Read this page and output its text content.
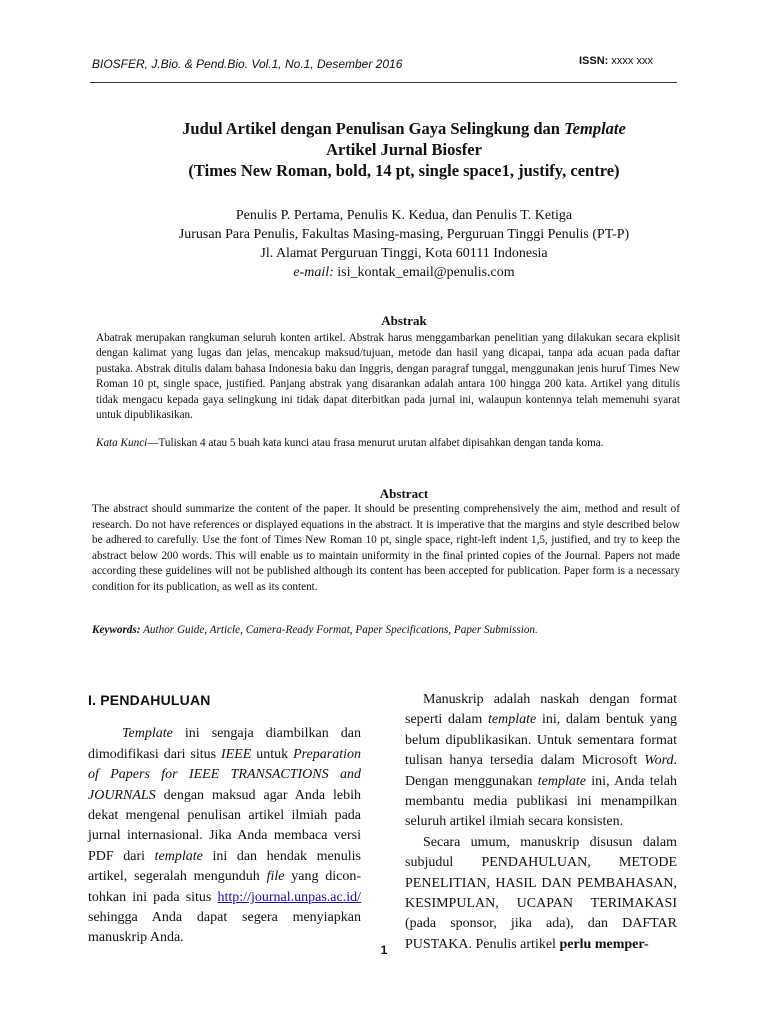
BIOSFER, J.Bio. & Pend.Bio. Vol.1, No.1, Desember 2016	ISSN: xxxx xxx
Judul Artikel dengan Penulisan Gaya Selingkung dan Template
Artikel Jurnal Biosfer
(Times New Roman, bold, 14 pt, single space1, justify, centre)
Penulis P. Pertama, Penulis K. Kedua, dan Penulis T. Ketiga
Jurusan Para Penulis, Fakultas Masing-masing, Perguruan Tinggi Penulis (PT-P)
Jl. Alamat Perguruan Tinggi, Kota 60111 Indonesia
e-mail: isi_kontak_email@penulis.com
Abstrak
Abatrak merupakan rangkuman seluruh konten artikel. Abstrak harus menggambarkan penelitian yang dilakukan secara ekplisit dengan kalimat yang lugas dan jelas, mencakup maksud/tujuan, metode dan hasil yang dicapai, tanpa ada acuan pada daftar pustaka. Abstrak ditulis dalam bahasa Indonesia baku dan Inggris, dengan paragraf tunggal, menggunakan jenis huruf Times New Roman 10 pt, single space, justified. Panjang abstrak yang disarankan adalah antara 100 hingga 200 kata. Artikel yang ditulis tidak mengacu kepada gaya selingkung ini tidak dapat diterbitkan pada jurnal ini, walaupun kontennya telah memenuhi syarat untuk dipublikasikan.
Kata Kunci—Tuliskan 4 atau 5 buah kata kunci atau frasa menurut urutan alfabet dipisahkan dengan tanda koma.
Abstract
The abstract should summarize the content of the paper. It should be presenting comprehensively the aim, method and result of research. Do not have references or displayed equations in the abstract. It is imperative that the margins and style described below be adhered to carefully. Use the font of Times New Roman 10 pt, single space, right-left indent 1,5, justified, and try to keep the abstract below 200 words. This will enable us to maintain uniformity in the final printed copies of the Journal. Papers not made according these guidelines will not be published although its content has been accepted for publication. Paper form is a necessary condition for its publication, as well as its content.
Keywords: Author Guide, Article, Camera-Ready Format, Paper Specifications, Paper Submission.
I. PENDAHULUAN

Template ini sengaja diambilkan dan dimodifikasi dari situs IEEE untuk Preparation of Papers for IEEE TRANSACTIONS and JOURNALS dengan maksud agar Anda lebih dekat mengenal penulisan artikel ilmiah pada jurnal internasional. Jika Anda membaca versi PDF dari template ini dan hendak menulis artikel, segeralah mengunduh file yang dicon-tohkan ini pada situs http://journal.unpas.ac.id/ sehingga Anda dapat segera menyiapkan manuskrip Anda.

Manuskrip adalah naskah dengan format seperti dalam template ini, dalam bentuk yang belum dipublikasikan. Untuk sementara format tulisan hanya tersedia dalam Microsoft Word. Dengan menggunakan template ini, Anda telah membantu media publikasi ini menampilkan seluruh artikel ilmiah secara konsisten.

Secara umum, manuskrip disusun dalam subjudul PENDAHULUAN, METODE PENELITIAN, HASIL DAN PEMBAHASAN, KESIMPULAN, UCAPAN TERIMAKASI (pada sponsor, jika ada), dan DAFTAR PUSTAKA. Penulis artikel perlu memper-

1
